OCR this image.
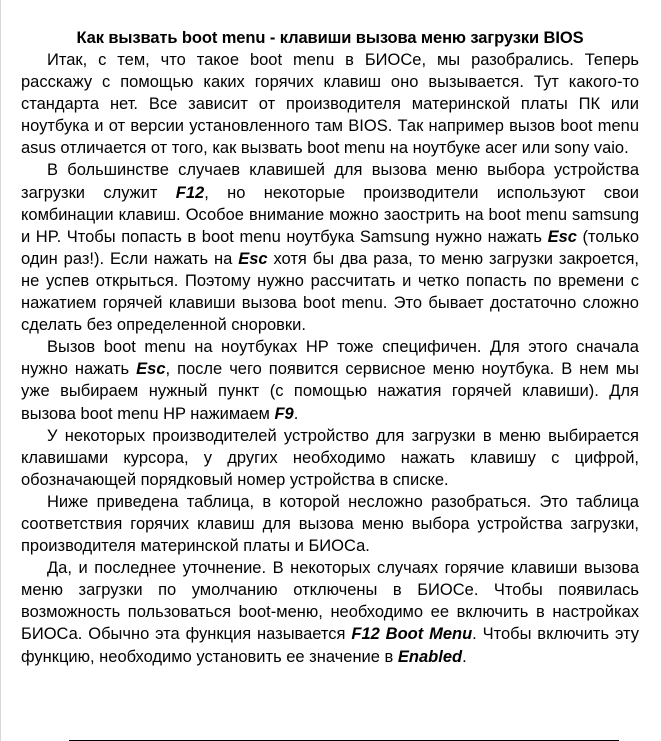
Как вызвать boot menu - клавиши вызова меню загрузки BIOS

Итак, с тем, что такое boot menu в БИОСе, мы разобрались. Теперь расскажу с помощью каких горячих клавиш оно вызывается. Тут какого-то стандарта нет. Все зависит от производителя материнской платы ПК или ноутбука и от версии установленного там BIOS. Так например вызов boot menu asus отличается от того, как вызвать boot menu на ноутбуке acer или sony vaio.

В большинстве случаев клавишей для вызова меню выбора устройства загрузки служит F12, но некоторые производители используют свои комбинации клавиш. Особое внимание можно заострить на boot menu samsung и HP. Чтобы попасть в boot menu ноутбука Samsung нужно нажать Esc (только один раз!). Если нажать на Esc хотя бы два раза, то меню загрузки закроется, не успев открыться. Поэтому нужно рассчитать и четко попасть по времени с нажатием горячей клавиши вызова boot menu. Это бывает достаточно сложно сделать без определенной сноровки.

Вызов boot menu на ноутбуках HP тоже специфичен. Для этого сначала нужно нажать Esc, после чего появится сервисное меню ноутбука. В нем мы уже выбираем нужный пункт (с помощью нажатия горячей клавиши). Для вызова boot menu HP нажимаем F9.

У некоторых производителей устройство для загрузки в меню выбирается клавишами курсора, у других необходимо нажать клавишу с цифрой, обозначающей порядковый номер устройства в списке.

Ниже приведена таблица, в которой несложно разобраться. Это таблица соответствия горячих клавиш для вызова меню выбора устройства загрузки, производителя материнской платы и БИОСа.

Да, и последнее уточнение. В некоторых случаях горячие клавиши вызова меню загрузки по умолчанию отключены в БИОСе. Чтобы появилась возможность пользоваться boot-меню, необходимо ее включить в настройках БИОСа. Обычно эта функция называется F12 Boot Menu. Чтобы включить эту функцию, необходимо установить ее значение в Enabled.
